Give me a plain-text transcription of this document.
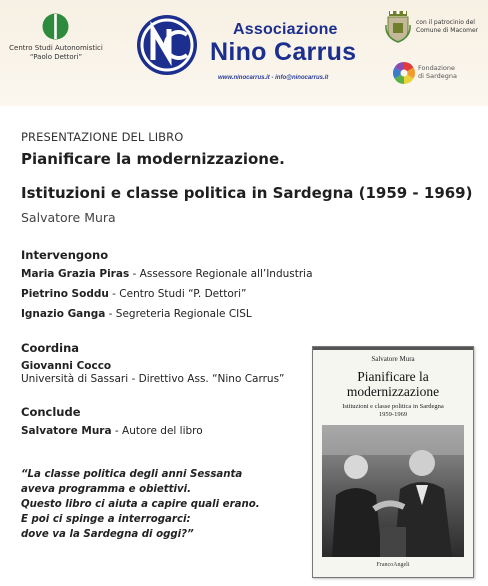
Centro Studi Autonomistici
“Paolo Dettori”
Associazione
Nino Carrus
www.ninocarrus.it - info@ninocarrus.it
con il patrocinio del
Comune di Macomer
Fondazione
di Sardegna
PRESENTAZIONE DEL LIBRO
Pianificare la modernizzazione.
Istituzioni e classe politica in Sardegna (1959 - 1969)
Salvatore Mura
Intervengono
Maria Grazia Piras - Assessore Regionale all’Industria
Pietrino Soddu - Centro Studi “P. Dettori”
Ignazio Ganga - Segreteria Regionale CISL
Coordina
Giovanni Cocco
Università di Sassari - Direttivo Ass. “Nino Carrus”
Conclude
Salvatore Mura - Autore del libro
“La classe politica degli anni Sessanta
aveva programma e obiettivi.
Questo libro ci aiuta a capire quali erano.
E poi ci spinge a interrogarci:
dove va la Sardegna di oggi?”
Salvatore Mura
Pianificare la
modernizzazione
Istituzioni e classe politica in Sardegna
1959-1969
FrancoAngeli
